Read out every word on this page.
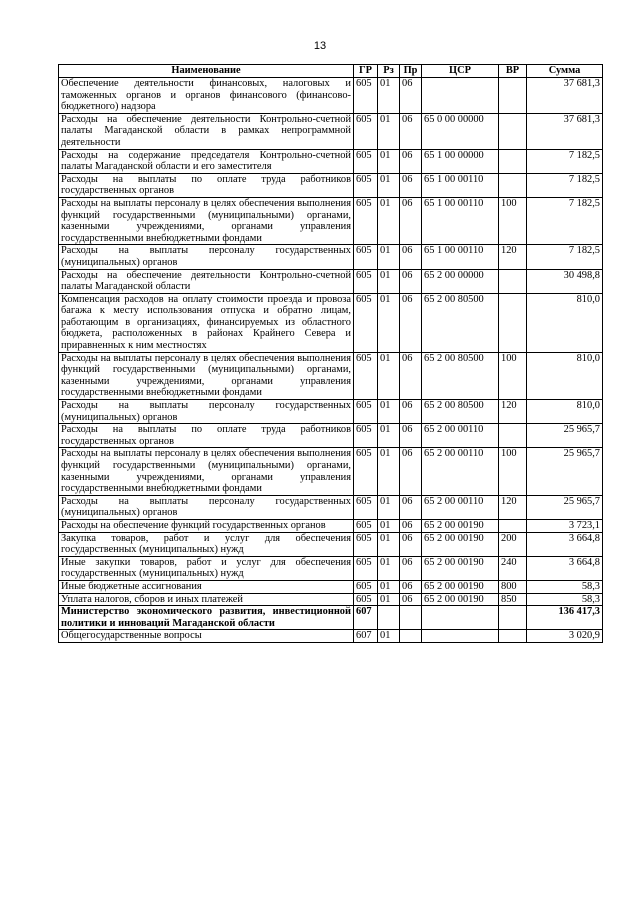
13
Наименование	ГР	Рз	Пр	ЦСР	ВР	Сумма
Обеспечение деятельности финансовых, налоговых и таможенных органов и органов финансового (финансово-бюджетного) надзора	605	01	06			37 681,3
Расходы на обеспечение деятельности Контрольно-счетной палаты Магаданской области в рамках непрограммной деятельности	605	01	06	65 0 00 00000		37 681,3
Расходы на содержание председателя Контрольно-счетной палаты Магаданской области и его заместителя	605	01	06	65 1 00 00000		7 182,5
Расходы на выплаты по оплате труда работников государственных органов	605	01	06	65 1 00 00110		7 182,5
Расходы на выплаты персоналу в целях обеспечения выполнения функций государственными (муниципальными) органами, казенными учреждениями, органами управления государственными внебюджетными фондами	605	01	06	65 1 00 00110	100	7 182,5
Расходы на выплаты персоналу государственных (муниципальных) органов	605	01	06	65 1 00 00110	120	7 182,5
Расходы на обеспечение деятельности Контрольно-счетной палаты Магаданской области	605	01	06	65 2 00 00000		30 498,8
Компенсация расходов на оплату стоимости проезда и провоза багажа к месту использования отпуска и обратно лицам, работающим в организациях, финансируемых из областного бюджета, расположенных в районах Крайнего Севера и приравненных к ним местностях	605	01	06	65 2 00 80500		810,0
Расходы на выплаты персоналу в целях обеспечения выполнения функций государственными (муниципальными) органами, казенными учреждениями, органами управления государственными внебюджетными фондами	605	01	06	65 2 00 80500	100	810,0
Расходы на выплаты персоналу государственных (муниципальных) органов	605	01	06	65 2 00 80500	120	810,0
Расходы на выплаты по оплате труда работников государственных органов	605	01	06	65 2 00 00110		25 965,7
Расходы на выплаты персоналу в целях обеспечения выполнения функций государственными (муниципальными) органами, казенными учреждениями, органами управления государственными внебюджетными фондами	605	01	06	65 2 00 00110	100	25 965,7
Расходы на выплаты персоналу государственных (муниципальных) органов	605	01	06	65 2 00 00110	120	25 965,7
Расходы на обеспечение функций государственных органов	605	01	06	65 2 00 00190		3 723,1
Закупка товаров, работ и услуг для обеспечения государственных (муниципальных) нужд	605	01	06	65 2 00 00190	200	3 664,8
Иные закупки товаров, работ и услуг для обеспечения государственных (муниципальных) нужд	605	01	06	65 2 00 00190	240	3 664,8
Иные бюджетные ассигнования	605	01	06	65 2 00 00190	800	58,3
Уплата налогов, сборов и иных платежей	605	01	06	65 2 00 00190	850	58,3
Министерство экономического развития, инвестиционной политики и инноваций Магаданской области	607					136 417,3
Общегосударственные вопросы	607	01				3 020,9
